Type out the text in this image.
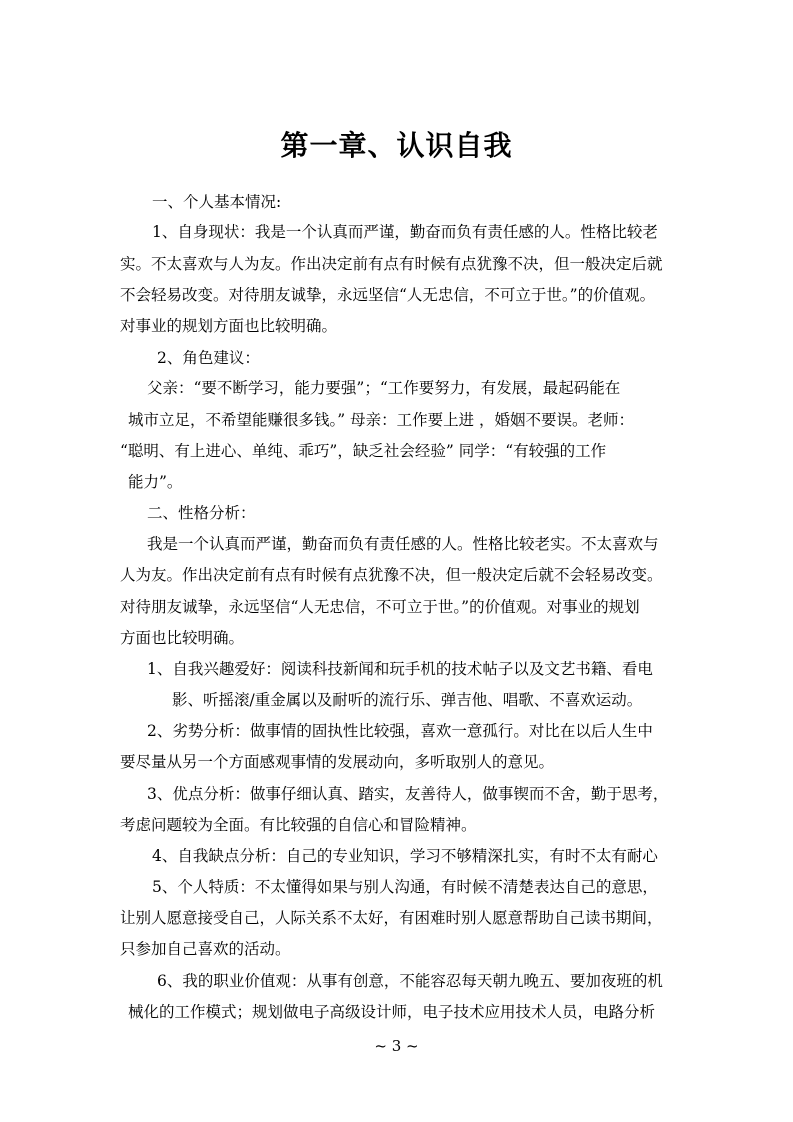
第一章、认识自我
一、个人基本情况:
1、自身现状：我是一个认真而严谨，勤奋而负有责任感的人。性格比较老
实。不太喜欢与人为友。作出决定前有点有时候有点犹豫不决，但一般决定后就
不会轻易改变。对待朋友诚挚，永远坚信“人无忠信，不可立于世。”的价值观。
对事业的规划方面也比较明确。
2、角色建议：
父亲：“要不断学习，能力要强”；“工作要努力，有发展，最起码能在
城市立足，不希望能赚很多钱。” 母亲：工作要上进 ，婚姻不要误。老师：
“聪明、有上进心、单纯、乖巧”，缺乏社会经验” 同学：“有较强的工作
能力”。
二、性格分析：
我是一个认真而严谨，勤奋而负有责任感的人。性格比较老实。不太喜欢与
人为友。作出决定前有点有时候有点犹豫不决，但一般决定后就不会轻易改变。
对待朋友诚挚，永远坚信“人无忠信，不可立于世。”的价值观。对事业的规划
方面也比较明确。
1、自我兴趣爱好：阅读科技新闻和玩手机的技术帖子以及文艺书籍、看电
影、听摇滚/重金属以及耐听的流行乐、弹吉他、唱歌、不喜欢运动。
2、劣势分析：做事情的固执性比较强，喜欢一意孤行。对比在以后人生中
要尽量从另一个方面感观事情的发展动向，多听取别人的意见。
3、优点分析：做事仔细认真、踏实，友善待人，做事锲而不舍，勤于思考，
考虑问题较为全面。有比较强的自信心和冒险精神。
4、自我缺点分析：自己的专业知识，学习不够精深扎实，有时不太有耐心
5、个人特质：不太懂得如果与别人沟通，有时候不清楚表达自己的意思，
让别人愿意接受自己，人际关系不太好，有困难时别人愿意帮助自己读书期间，
只参加自己喜欢的活动。
6、我的职业价值观：从事有创意，不能容忍每天朝九晚五、要加夜班的机
械化的工作模式；规划做电子高级设计师，电子技术应用技术人员，电路分析
~ 3 ~
